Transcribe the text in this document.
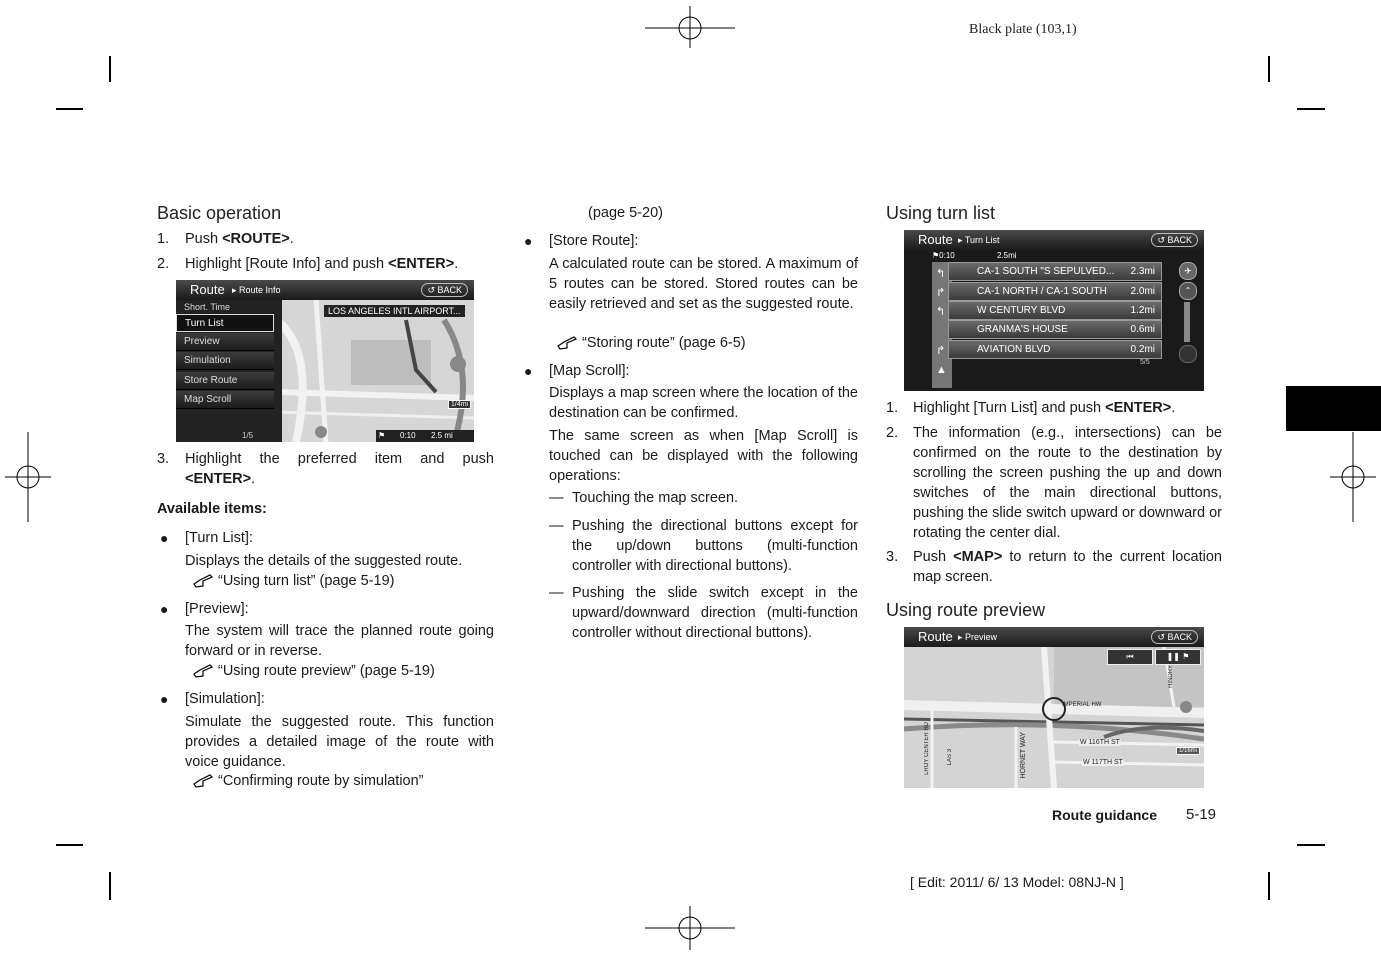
Black plate (103,1)
Basic operation
1. Push <ROUTE>.
2. Highlight [Route Info] and push <ENTER>.
Route ▸ Route Info	↺ BACK
Short. Time
Turn List
Preview
Simulation
Store Route
Map Scroll
1/5
LOS ANGELES INTL AIRPORT...
⚑ 0:10 2.5 mi
1/4mi
3. Highlight the preferred item and push
<ENTER>.
Available items:
● [Turn List]:
Displays the details of the suggested route.
“Using turn list” (page 5-19)
● [Preview]:
The system will trace the planned route going forward or in reverse.
“Using route preview” (page 5-19)
● [Simulation]:
Simulate the suggested route. This function provides a detailed image of the route with voice guidance.
“Confirming route by simulation”
(page 5-20)
● [Store Route]:
A calculated route can be stored. A maximum of 5 routes can be stored. Stored routes can be easily retrieved and set as the suggested route.
“Storing route” (page 6-5)
● [Map Scroll]:
Displays a map screen where the location of the destination can be confirmed.
The same screen as when [Map Scroll] is touched can be displayed with the following operations:
— Touching the map screen.
— Pushing the directional buttons except for the up/down buttons (multi-function controller with directional buttons).
— Pushing the slide switch except in the upward/downward direction (multi-function controller without directional buttons).
Using turn list
Route ▸ Turn List	↺ BACK
⚑0:10	2.5mi
↰
↱
↰
↱
▲
CA-1 SOUTH "S SEPULVED... 2.3mi
CA-1 NORTH / CA-1 SOUTH 2.0mi
W CENTURY BLVD	1.2mi
GRANMA'S HOUSE	0.6mi
AVIATION BLVD	0.2mi
5/5
✈
⌃
1. Highlight [Turn List] and push <ENTER>.
2. The information (e.g., intersections) can be confirmed on the route to the destination by scrolling the screen pushing the up and down switches of the main directional buttons, pushing the slide switch upward or downward or rotating the center dial.
3. Push <MAP> to return to the current location map screen.
Using route preview
Route ▸ Preview	↺ BACK
⏮	❚❚ ⚑
IMPERIAL HW
W 116TH ST
W 117TH ST
HORNET WAY
HINDRY
LAS 3
LROY CENTER RD	1/16mi
Route guidance 5-19
[ Edit: 2011/ 6/ 13 Model: 08NJ-N ]
